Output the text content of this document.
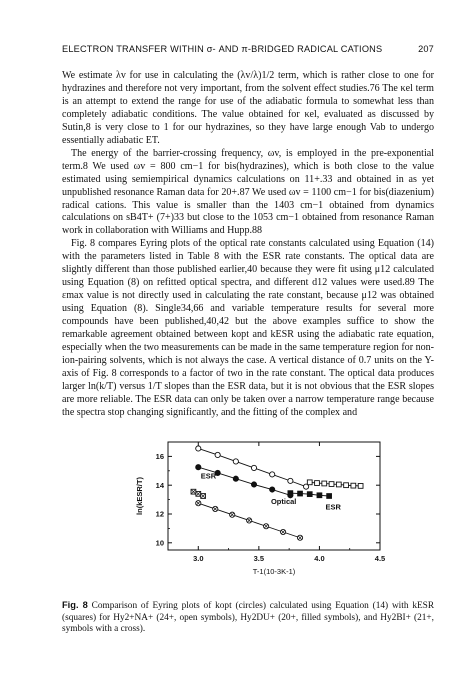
ELECTRON TRANSFER WITHIN σ- AND π-BRIDGED RADICAL CATIONS	207

We estimate λv for use in calculating the (λv/λ)1/2 term, which is rather close to one for hydrazines and therefore not very important, from the solvent effect studies.76 The κel term is an attempt to extend the range for use of the adiabatic formula to somewhat less than completely adiabatic conditions. The value obtained for κel, evaluated as discussed by Sutin,8 is very close to 1 for our hydrazines, so they have large enough Vab to undergo essentially adiabatic ET.

The energy of the barrier-crossing frequency, ωv, is employed in the pre-exponential term.8 We used ωv = 800 cm−1 for bis(hydrazines), which is both close to the value estimated using semiempirical dynamics calculations on 11+.33 and obtained in as yet unpublished resonance Raman data for 20+.87 We used ωv = 1100 cm−1 for bis(diazenium) radical cations. This value is smaller than the 1403 cm−1 obtained from dynamics calculations on sB4T+ (7+)33 but close to the 1053 cm−1 obtained from resonance Raman work in collaboration with Williams and Hupp.88

Fig. 8 compares Eyring plots of the optical rate constants calculated using Equation (14) with the parameters listed in Table 8 with the ESR rate constants. The optical data are slightly different than those published earlier,40 because they were fit using μ12 calculated using Equation (8) on refitted optical spectra, and different d12 values were used.89 The εmax value is not directly used in calculating the rate constant, because μ12 was obtained using Equation (8). Single34,66 and variable temperature results for several more compounds have been published,40,42 but the above examples suffice to show the remarkable agreement obtained between kopt and kESR using the adiabatic rate equation, especially when the two measurements can be made in the same temperature region for non-ion-pairing solvents, which is not always the case. A vertical distance of 0.7 units on the Y-axis of Fig. 8 corresponds to a factor of two in the rate constant. The optical data produces larger ln(k/T) versus 1/T slopes than the ESR data, but it is not obvious that the ESR slopes are more reliable. The ESR data can only be taken over a narrow temperature range because the spectra stop changing significantly, and the fitting of the complex and

3.0	3.5	4.0	4.5
10
12
14
16
T-1(10-3K-1)
ln(kESR/T)
ESR
Optical
ESR
Fig. 8 Comparison of Eyring plots of kopt (circles) calculated using Equation (14) with kESR (squares) for Hy2+NA+ (24+, open symbols), Hy2DU+ (20+, filled symbols), and Hy2BI+ (21+, symbols with a cross).
